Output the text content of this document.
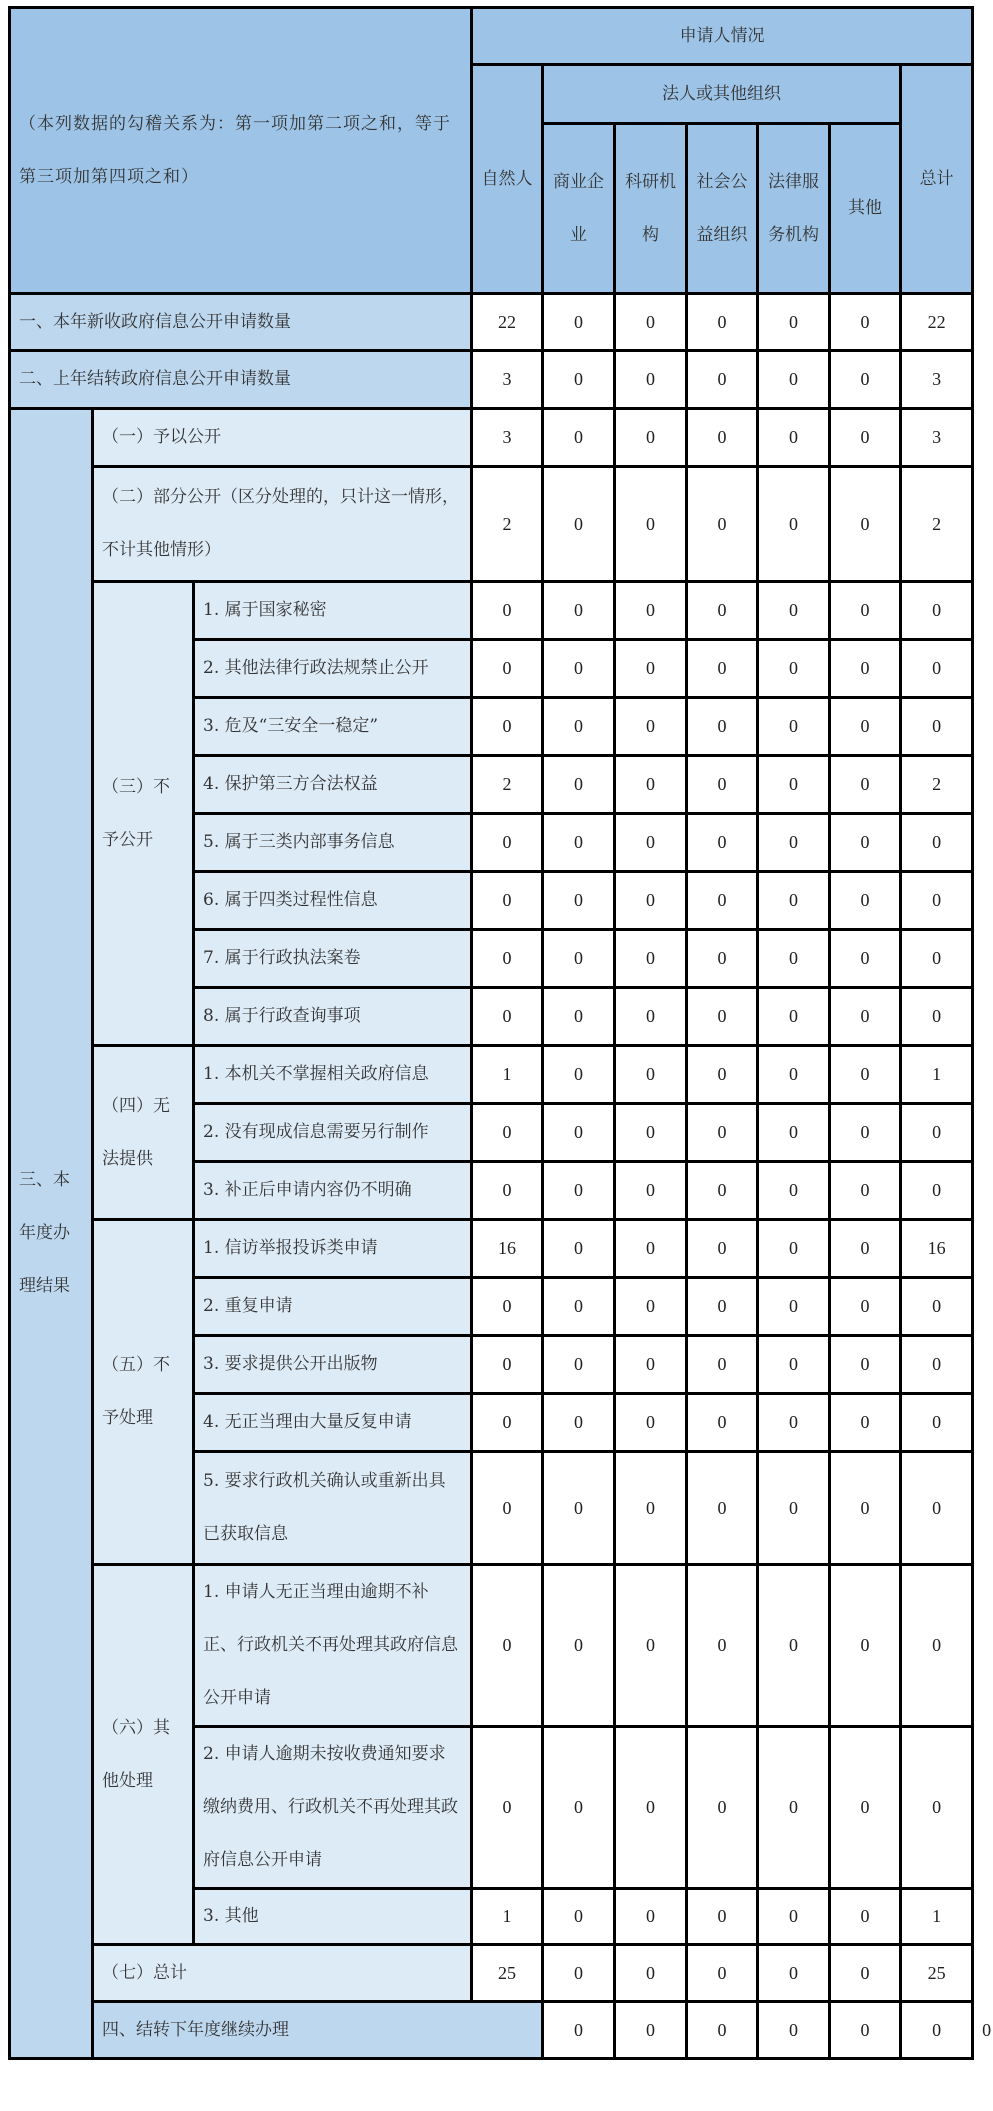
（本列数据的勾稽关系为：第一项加第二项之和，等于第三项加第四项之和）			申请人情况							
			自然人	法人或其他组织					总计	
				商业企业	科研机构	社会公益组织	法律服务机构	其他		
一、本年新收政府信息公开申请数量			22	0	0	0	0	0	22	
二、上年结转政府信息公开申请数量			3	0	0	0	0	0	3	
三、本年度办理结果	（一）予以公开		3	0	0	0	0	0	3	
	（二）部分公开（区分处理的，只计这一情形，不计其他情形）		2	0	0	0	0	0	2	
	（三）不予公开	1. 属于国家秘密	0	0	0	0	0	0	0	
		2. 其他法律行政法规禁止公开	0	0	0	0	0	0	0	
		3. 危及“三安全一稳定”	0	0	0	0	0	0	0	
		4. 保护第三方合法权益	2	0	0	0	0	0	2	
		5. 属于三类内部事务信息	0	0	0	0	0	0	0	
		6. 属于四类过程性信息	0	0	0	0	0	0	0	
		7. 属于行政执法案卷	0	0	0	0	0	0	0	
		8. 属于行政查询事项	0	0	0	0	0	0	0	
	（四）无法提供	1. 本机关不掌握相关政府信息	1	0	0	0	0	0	1	
		2. 没有现成信息需要另行制作	0	0	0	0	0	0	0	
		3. 补正后申请内容仍不明确	0	0	0	0	0	0	0	
	（五）不予处理	1. 信访举报投诉类申请	16	0	0	0	0	0	16	
		2. 重复申请	0	0	0	0	0	0	0	
		3. 要求提供公开出版物	0	0	0	0	0	0	0	
		4. 无正当理由大量反复申请	0	0	0	0	0	0	0	
		5. 要求行政机关确认或重新出具已获取信息	0	0	0	0	0	0	0	
	（六）其他处理	1. 申请人无正当理由逾期不补正、行政机关不再处理其政府信息公开申请	0	0	0	0	0	0	0	
		2. 申请人逾期未按收费通知要求缴纳费用、行政机关不再处理其政府信息公开申请	0	0	0	0	0	0	0	
		3. 其他	1	0	0	0	0	0	1	
	（七）总计		25	0	0	0	0	0	25	
	四、结转下年度继续办理			0	0	0	0	0	0	0
